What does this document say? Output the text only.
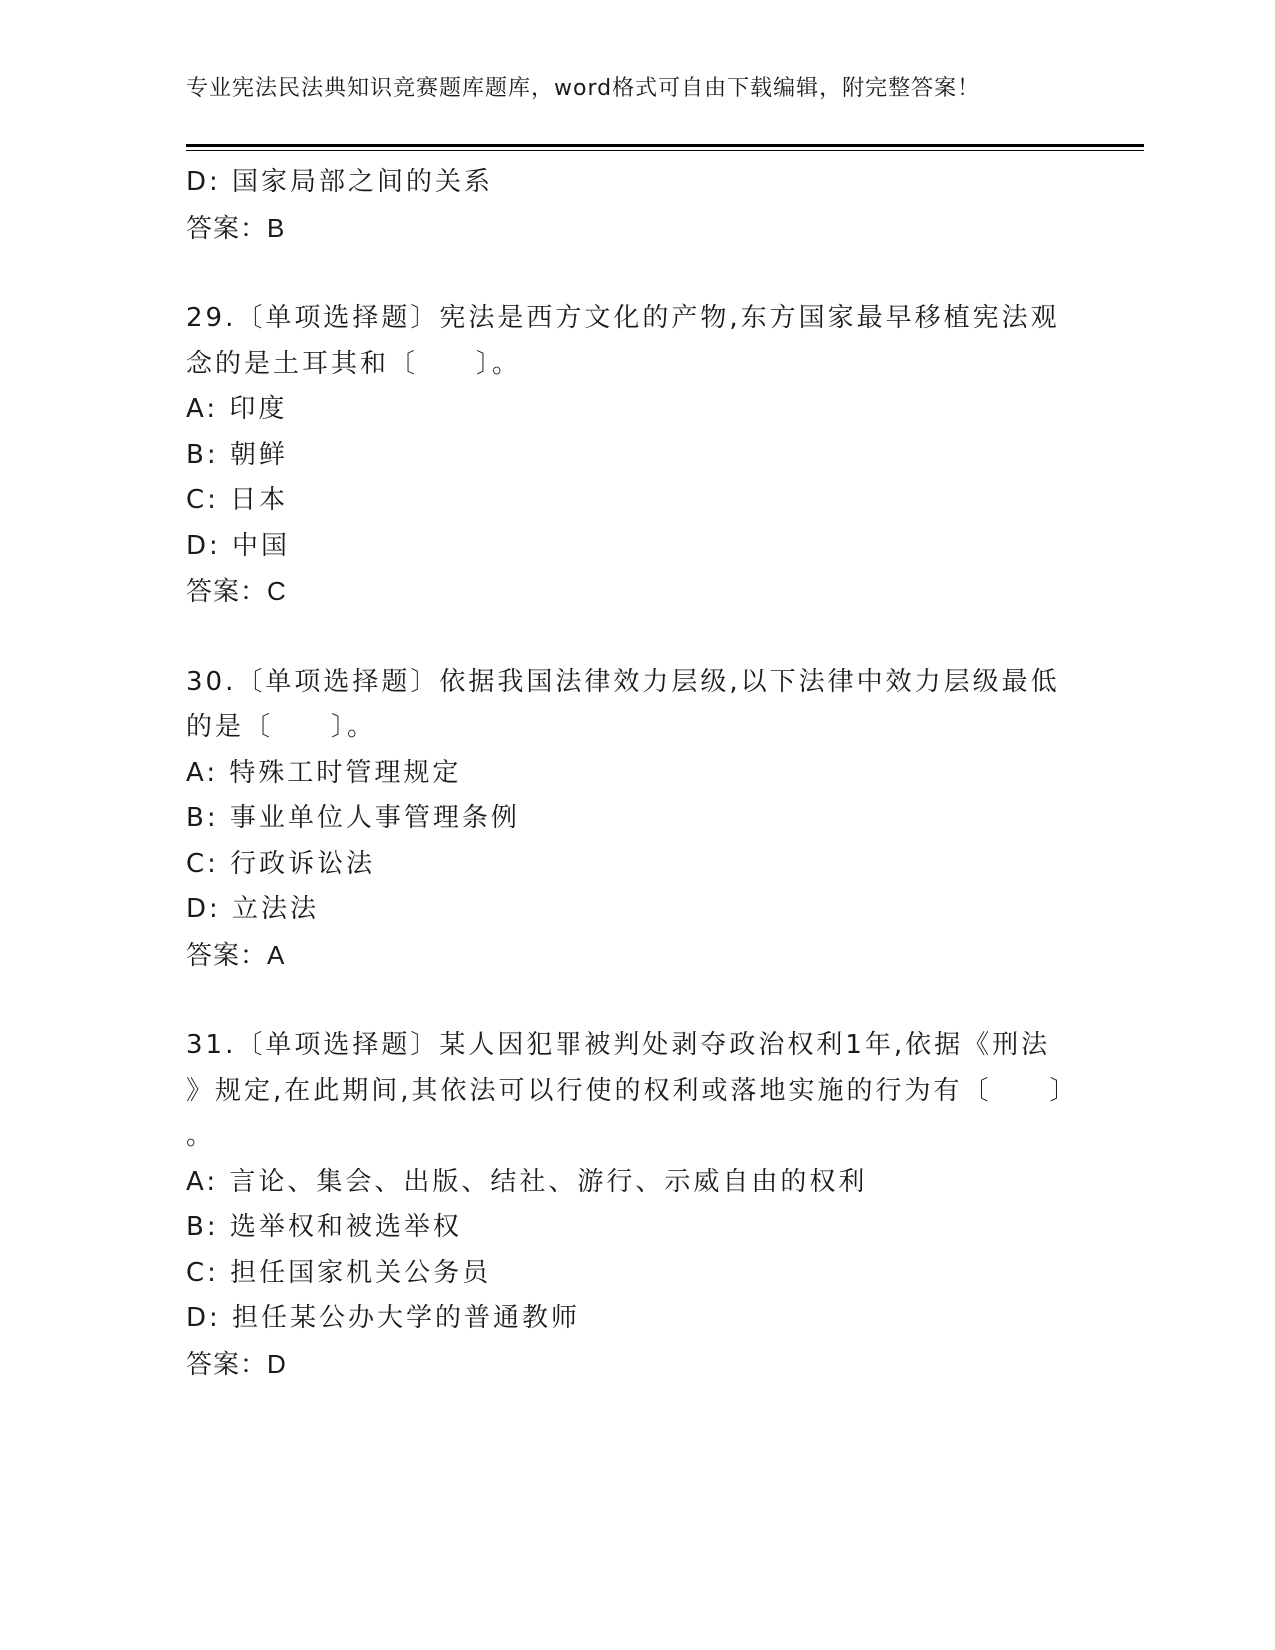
专业宪法民法典知识竞赛题库题库，word格式可自由下载编辑，附完整答案！
D: 国家局部之间的关系
答案：B
29.〔单项选择题〕宪法是西方文化的产物,东方国家最早移植宪法观
念的是土耳其和〔　　〕。
A: 印度
B: 朝鲜
C: 日本
D: 中国
答案：C
30.〔单项选择题〕依据我国法律效力层级,以下法律中效力层级最低
的是〔　　〕。
A: 特殊工时管理规定
B: 事业单位人事管理条例
C: 行政诉讼法
D: 立法法
答案：A
31.〔单项选择题〕某人因犯罪被判处剥夺政治权利1年,依据《刑法
》规定,在此期间,其依法可以行使的权利或落地实施的行为有〔　　〕
。
A: 言论、集会、出版、结社、游行、示威自由的权利
B: 选举权和被选举权
C: 担任国家机关公务员
D: 担任某公办大学的普通教师
答案：D
